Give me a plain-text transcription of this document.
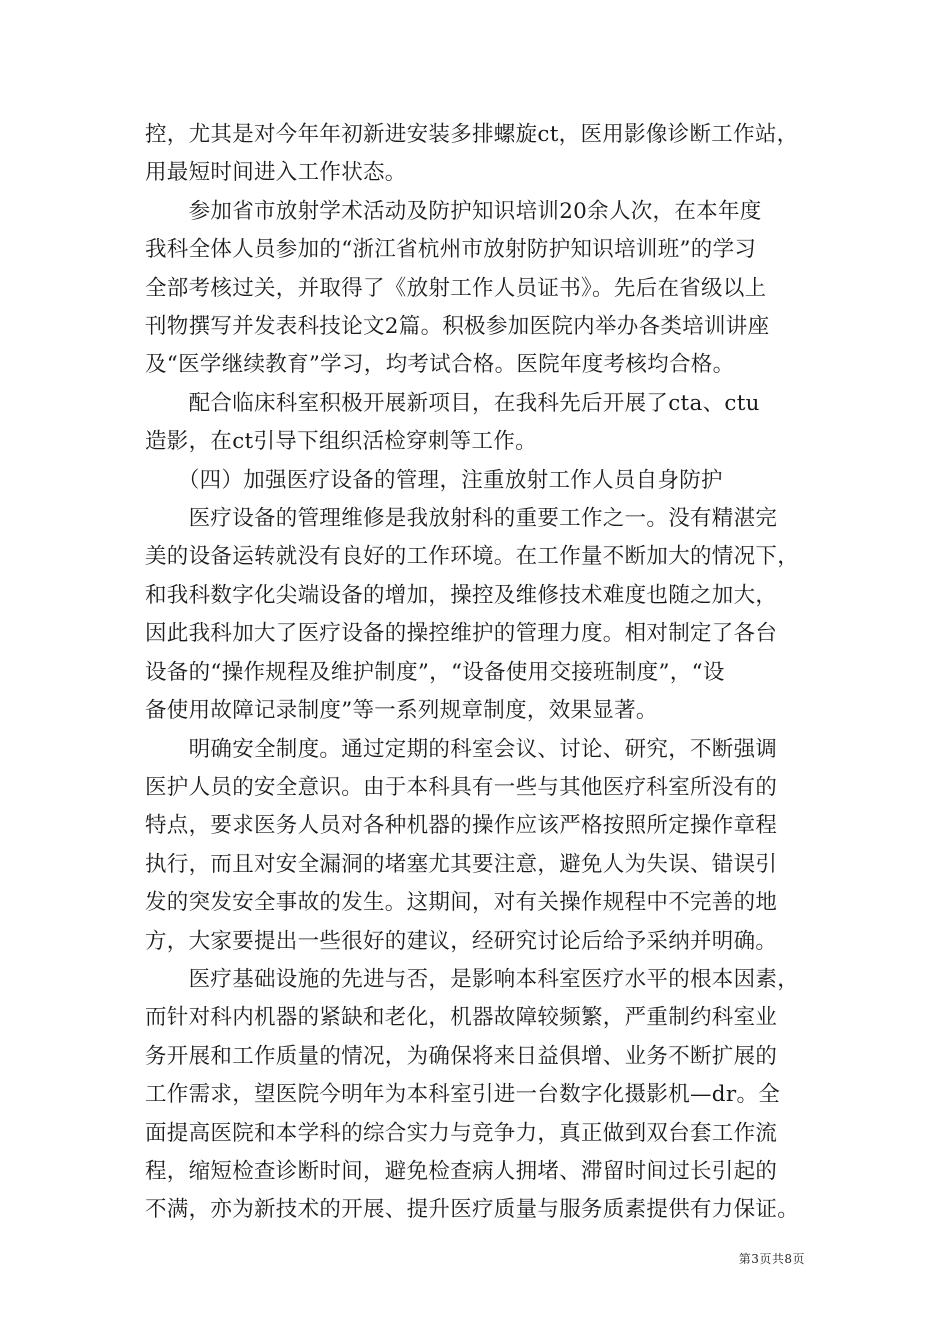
控，尤其是对今年年初新进安装多排螺旋ct，医用影像诊断工作站，
用最短时间进入工作状态。

　　参加省市放射学术活动及防护知识培训20余人次，在本年度
我科全体人员参加的“浙江省杭州市放射防护知识培训班”的学习
全部考核过关，并取得了《放射工作人员证书》。先后在省级以上
刊物撰写并发表科技论文2篇。积极参加医院内举办各类培训讲座
及“医学继续教育”学习，均考试合格。医院年度考核均合格。

　　配合临床科室积极开展新项目，在我科先后开展了cta、ctu
造影，在ct引导下组织活检穿刺等工作。

　　（四）加强医疗设备的管理，注重放射工作人员自身防护

　　医疗设备的管理维修是我放射科的重要工作之一。没有精湛完
美的设备运转就没有良好的工作环境。在工作量不断加大的情况下，
和我科数字化尖端设备的增加，操控及维修技术难度也随之加大，
因此我科加大了医疗设备的操控维护的管理力度。相对制定了各台
设备的“操作规程及维护制度”，“设备使用交接班制度”，“设
备使用故障记录制度”等一系列规章制度，效果显著。

　　明确安全制度。通过定期的科室会议、讨论、研究，不断强调
医护人员的安全意识。由于本科具有一些与其他医疗科室所没有的
特点，要求医务人员对各种机器的操作应该严格按照所定操作章程
执行，而且对安全漏洞的堵塞尤其要注意，避免人为失误、错误引
发的突发安全事故的发生。这期间，对有关操作规程中不完善的地
方，大家要提出一些很好的建议，经研究讨论后给予采纳并明确。

　　医疗基础设施的先进与否，是影响本科室医疗水平的根本因素，
而针对科内机器的紧缺和老化，机器故障较频繁，严重制约科室业
务开展和工作质量的情况，为确保将来日益俱增、业务不断扩展的
工作需求，望医院今明年为本科室引进一台数字化摄影机—dr。全
面提高医院和本学科的综合实力与竞争力，真正做到双台套工作流
程，缩短检查诊断时间，避免检查病人拥堵、滞留时间过长引起的
不满，亦为新技术的开展、提升医疗质量与服务质素提供有力保证。

第3页共8页
